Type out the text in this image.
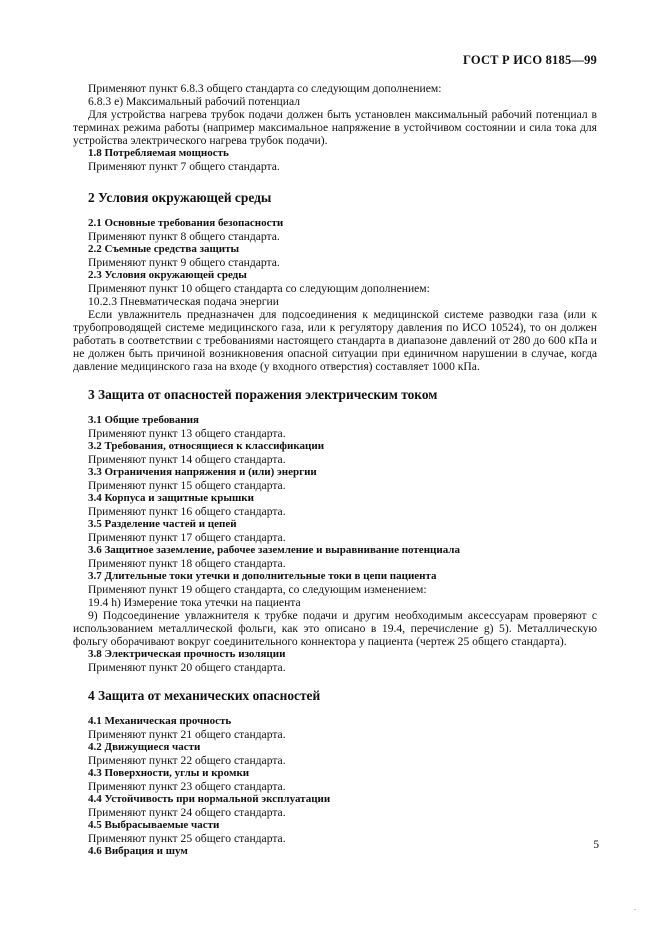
ГОСТ Р ИСО 8185—99
Применяют пункт 6.8.3 общего стандарта со следующим дополнением:
6.8.3 e) Максимальный рабочий потенциал
Для устройства нагрева трубок подачи должен быть установлен максимальный рабочий потенциал в терминах режима работы (например максимальное напряжение в устойчивом состоянии и сила тока для устройства электрического нагрева трубок подачи).
1.8 Потребляемая мощность
Применяют пункт 7 общего стандарта.
2 Условия окружающей среды
2.1 Основные требования безопасности
Применяют пункт 8 общего стандарта.
2.2 Съемные средства защиты
Применяют пункт 9 общего стандарта.
2.3 Условия окружающей среды
Применяют пункт 10 общего стандарта со следующим дополнением:
10.2.3 Пневматическая подача энергии
Если увлажнитель предназначен для подсоединения к медицинской системе разводки газа (или к трубопроводящей системе медицинского газа, или к регулятору давления по ИСО 10524), то он должен работать в соответствии с требованиями настоящего стандарта в диапазоне давлений от 280 до 600 кПа и не должен быть причиной возникновения опасной ситуации при единичном нарушении в случае, когда давление медицинского газа на входе (у входного отверстия) составляет 1000 кПа.
3 Защита от опасностей поражения электрическим током
3.1 Общие требования
Применяют пункт 13 общего стандарта.
3.2 Требования, относящиеся к классификации
Применяют пункт 14 общего стандарта.
3.3 Ограничения напряжения и (или) энергии
Применяют пункт 15 общего стандарта.
3.4 Корпуса и защитные крышки
Применяют пункт 16 общего стандарта.
3.5 Разделение частей и цепей
Применяют пункт 17 общего стандарта.
3.6 Защитное заземление, рабочее заземление и выравнивание потенциала
Применяют пункт 18 общего стандарта.
3.7 Длительные токи утечки и дополнительные токи в цепи пациента
Применяют пункт 19 общего стандарта, со следующим изменением:
19.4 h) Измерение тока утечки на пациента
9) Подсоединение увлажнителя к трубке подачи и другим необходимым аксессуарам проверяют с использованием металлической фольги, как это описано в 19.4, перечисление g) 5). Металлическую фольгу оборачивают вокруг соединительного коннектора у пациента (чертеж 25 общего стандарта).
3.8 Электрическая прочность изоляции
Применяют пункт 20 общего стандарта.
4 Защита от механических опасностей
4.1 Механическая прочность
Применяют пункт 21 общего стандарта.
4.2 Движущиеся части
Применяют пункт 22 общего стандарта.
4.3 Поверхности, углы и кромки
Применяют пункт 23 общего стандарта.
4.4 Устойчивость при нормальной эксплуатации
Применяют пункт 24 общего стандарта.
4.5 Выбрасываемые части
Применяют пункт 25 общего стандарта.
4.6 Вибрация и шум	5
